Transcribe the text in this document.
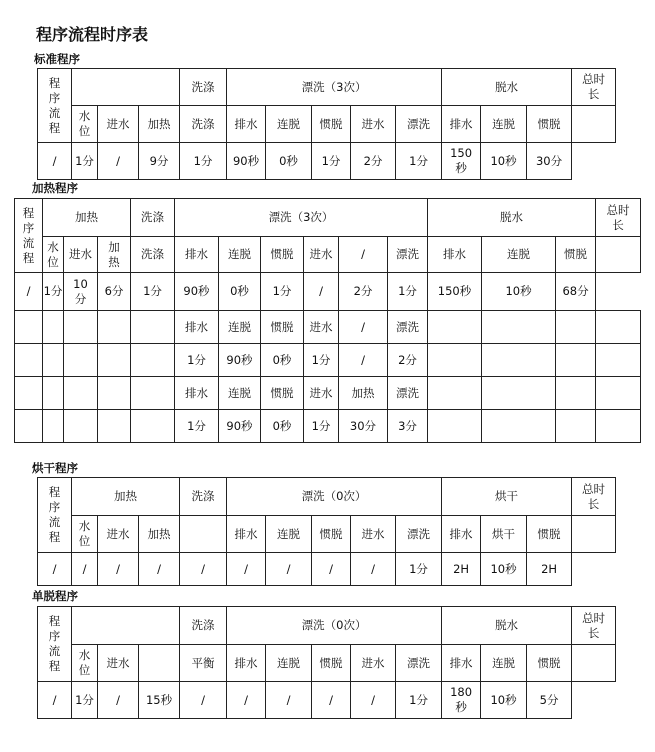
程序流程时序表
标准程序
程序流程				洗涤	漂洗（3次）					脱水			总时长

	水位	进水	加热	洗涤	排水	连脱	惯脱	进水	漂洗	排水	连脱	惯脱	
/	1分	/	9分	1分	90秒	0秒	1分	2分	1分	150秒	10秒	30分	
加热程序
程序流程	加热			洗涤	漂洗（3次）						脱水			总时长

	水位	进水	加热	洗涤	排水	连脱	惯脱	进水	/	漂洗	排水	连脱	惯脱	
/	1分	10分	6分	1分	90秒	0秒	1分	/	2分	1分	150秒	10秒	68分	
					排水	连脱	惯脱	进水	/	漂洗				
					1分	90秒	0秒	1分	/	2分				
					排水	连脱	惯脱	进水	加热	漂洗				
					1分	90秒	0秒	1分	30分	3分				
烘干程序
程序流程	加热			洗涤	漂洗（0次）					烘干			总时长

	水位	进水	加热		排水	连脱	惯脱	进水	漂洗	排水	烘干	惯脱	
/	/	/	/	/	/	/	/	/	1分	2H	10秒	2H	
单脱程序
程序流程				洗涤	漂洗（0次）					脱水			总时长

	水位	进水		平衡	排水	连脱	惯脱	进水	漂洗	排水	连脱	惯脱	
/	1分	/	15秒	/	/	/	/	/	1分	180秒	10秒	5分	
